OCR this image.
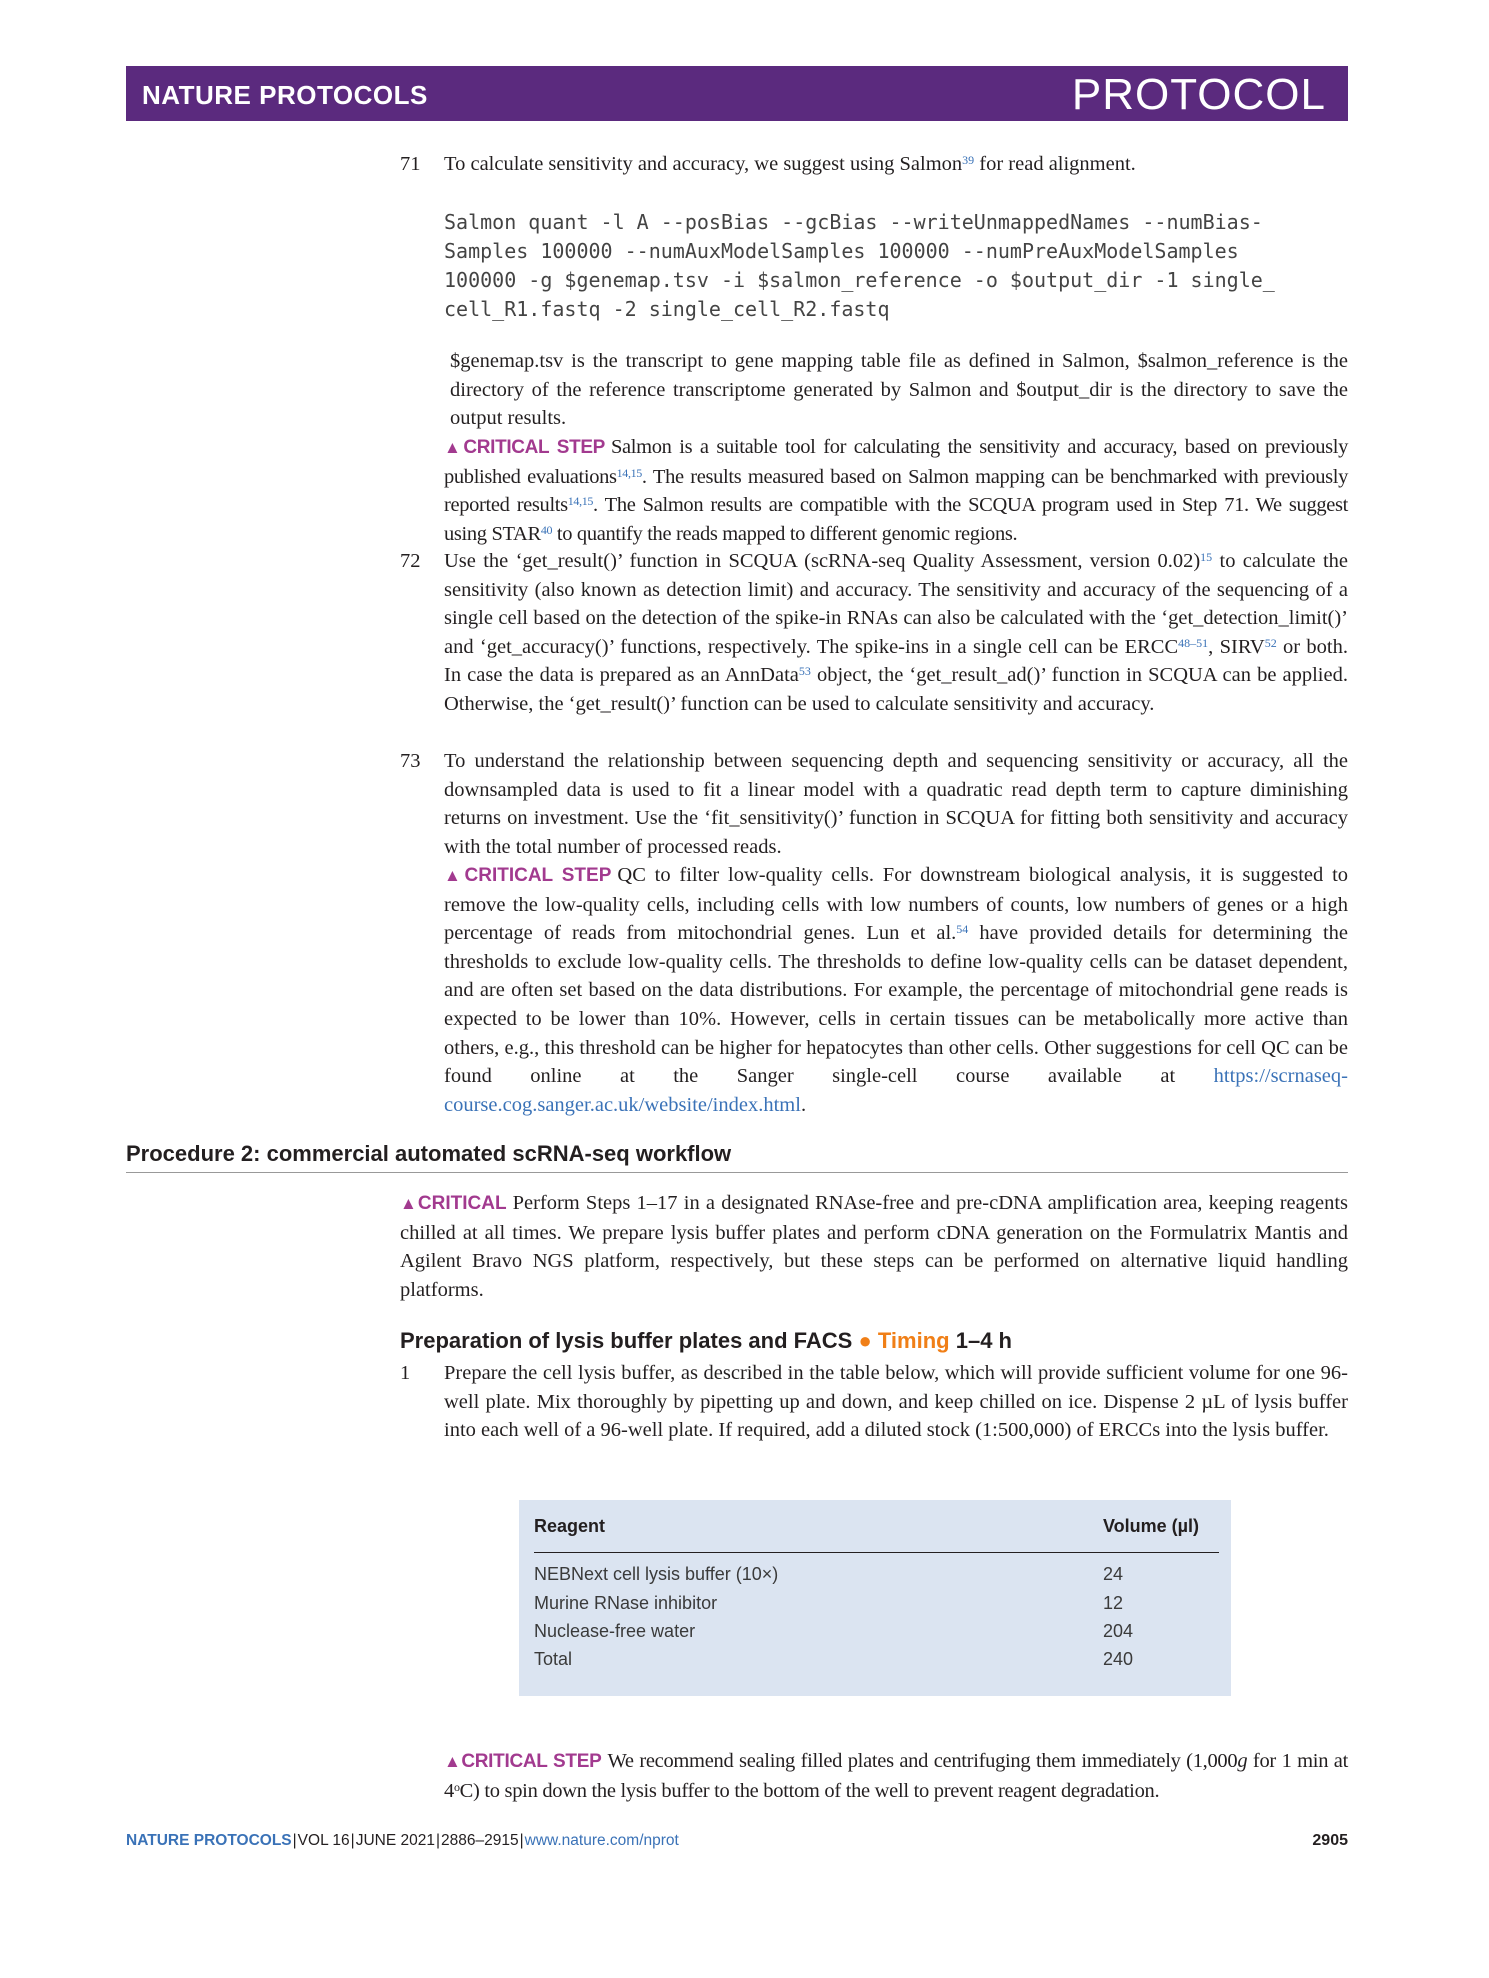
NATURE PROTOCOLS	PROTOCOL
71 To calculate sensitivity and accuracy, we suggest using Salmon$^{39}$ for read alignment.
Salmon quant -l A --posBias --gcBias --writeUnmappedNames --numBias-
Samples 100000 --numAuxModelSamples 100000 --numPreAuxModelSamples
100000 -g $genemap.tsv -i $salmon_reference -o $output_dir -1 single_
cell_R1.fastq -2 single_cell_R2.fastq
$genemap.tsv is the transcript to gene mapping table file as defined in Salmon, $salmon_reference is the directory of the reference transcriptome generated by Salmon and $output_dir is the directory to save the output results.
▲CRITICAL STEP Salmon is a suitable tool for calculating the sensitivity and accuracy, based on previously published evaluations$^{14,15}$. The results measured based on Salmon mapping can be benchmarked with previously reported results$^{14,15}$. The Salmon results are compatible with the SCQUA program used in Step 71. We suggest using STAR$^{40}$ to quantify the reads mapped to different genomic regions.
72 Use the ‘get_result()’ function in SCQUA (scRNA-seq Quality Assessment, version 0.02)$^{15}$ to calculate the sensitivity (also known as detection limit) and accuracy. The sensitivity and accuracy of the sequencing of a single cell based on the detection of the spike-in RNAs can also be calculated with the ‘get_detection_limit()’ and ‘get_accuracy()’ functions, respectively. The spike-ins in a single cell can be ERCC$^{48-51}$, SIRV$^{52}$ or both. In case the data is prepared as an AnnData$^{53}$ object, the ‘get_result_ad()’ function in SCQUA can be applied. Otherwise, the ‘get_result()’ function can be used to calculate sensitivity and accuracy.
73 To understand the relationship between sequencing depth and sequencing sensitivity or accuracy, all the downsampled data is used to fit a linear model with a quadratic read depth term to capture diminishing returns on investment. Use the ‘fit_sensitivity()’ function in SCQUA for fitting both sensitivity and accuracy with the total number of processed reads.
▲CRITICAL STEP QC to filter low-quality cells. For downstream biological analysis, it is suggested to remove the low-quality cells, including cells with low numbers of counts, low numbers of genes or a high percentage of reads from mitochondrial genes. Lun et al.$^{54}$ have provided details for determining the thresholds to exclude low-quality cells. The thresholds to define low-quality cells can be dataset dependent, and are often set based on the data distributions. For example, the percentage of mitochondrial gene reads is expected to be lower than 10%. However, cells in certain tissues can be metabolically more active than others, e.g., this threshold can be higher for hepatocytes than other cells. Other suggestions for cell QC can be found online at the Sanger single-cell course available at https://scrnaseq-course.cog.sanger.ac.uk/website/index.html.
Procedure 2: commercial automated scRNA-seq workflow
▲CRITICAL Perform Steps 1–17 in a designated RNAse-free and pre-cDNA amplification area, keeping reagents chilled at all times. We prepare lysis buffer plates and perform cDNA generation on the Formulatrix Mantis and Agilent Bravo NGS platform, respectively, but these steps can be performed on alternative liquid handling platforms.
Preparation of lysis buffer plates and FACS ● Timing 1–4 h
1 Prepare the cell lysis buffer, as described in the table below, which will provide sufficient volume for one 96-well plate. Mix thoroughly by pipetting up and down, and keep chilled on ice. Dispense 2 µL of lysis buffer into each well of a 96-well plate. If required, add a diluted stock (1:500,000) of ERCCs into the lysis buffer.
Reagent	Volume (µl)
NEBNext cell lysis buffer (10×)	24
Murine RNase inhibitor	12
Nuclease-free water	204
Total	240
▲CRITICAL STEP We recommend sealing filled plates and centrifuging them immediately (1,000g for 1 min at 4$^o$C) to spin down the lysis buffer to the bottom of the well to prevent reagent degradation.
NATURE PROTOCOLS|VOL 16|JUNE 2021|2886–2915|www.nature.com/nprot	2905
